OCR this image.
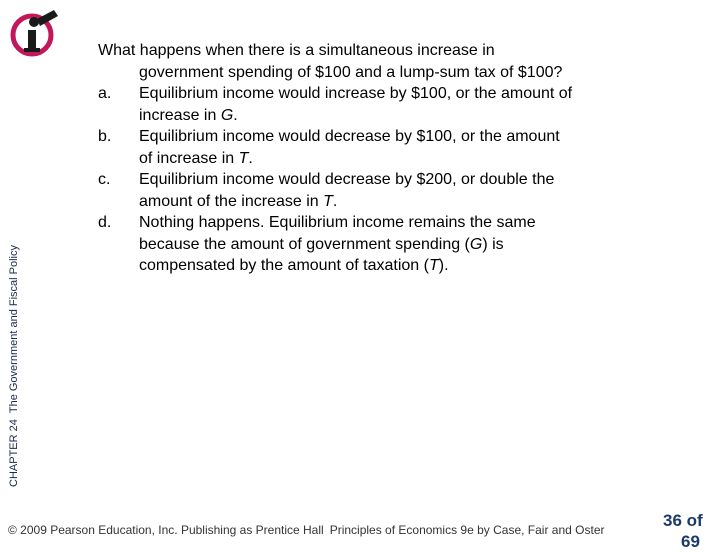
CHAPTER 24The Government and Fiscal Policy

What happens when there is a simultaneous increase in
government spending of $100 and a lump-sum tax of $100?

a. Equilibrium income would increase by $100, or the amount of
increase in G.
b. Equilibrium income would decrease by $100, or the amount
of increase in T.
c. Equilibrium income would decrease by $200, or double the
amount of the increase in T.
d. Nothing happens. Equilibrium income remains the same
because the amount of government spending (G) is
compensated by the amount of taxation (T).
© 2009 Pearson Education, Inc. Publishing as Prentice Hall Principles of Economics 9e by Case, Fair and Oster	36 of
69
